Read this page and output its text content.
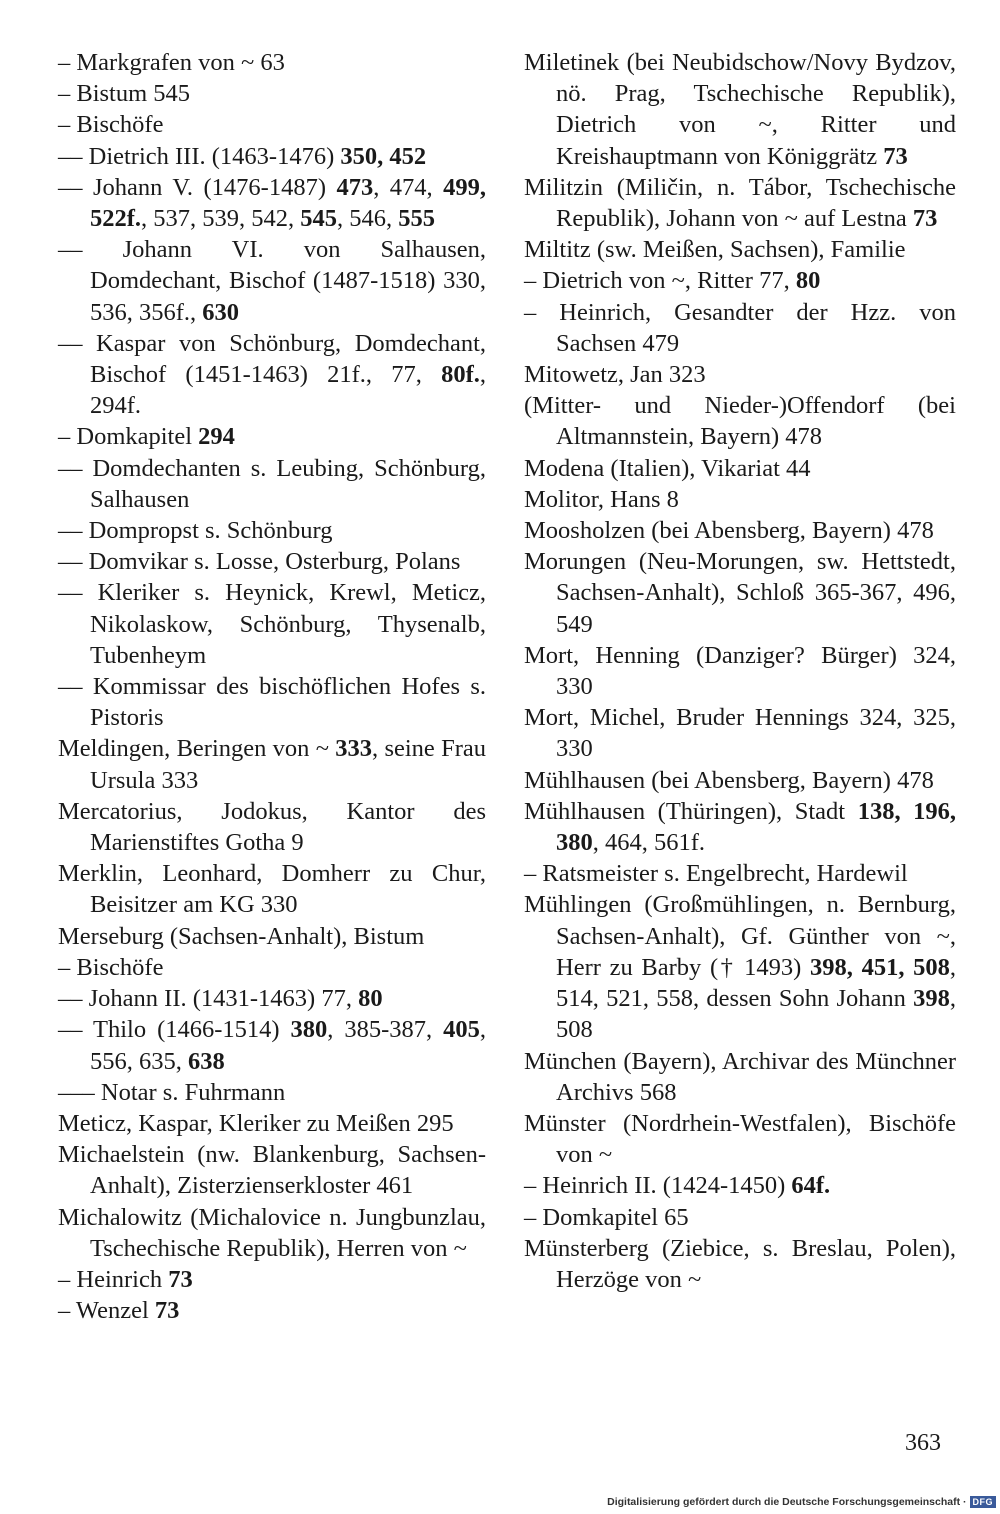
– Markgrafen von ~ 63
– Bistum 545
– Bischöfe
–– Dietrich III. (1463-1476) 350, 452
–– Johann V. (1476-1487) 473, 474, 499, 522f., 537, 539, 542, 545, 546, 555
–– Johann VI. von Salhausen, Domdechant, Bischof (1487-1518) 330, 536, 356f., 630
–– Kaspar von Schönburg, Domdechant, Bischof (1451-1463) 21f., 77, 80f., 294f.
– Domkapitel 294
–– Domdechanten s. Leubing, Schönburg, Salhausen
–– Dompropst s. Schönburg
–– Domvikar s. Losse, Osterburg, Polans
–– Kleriker s. Heynick, Krewl, Meticz, Nikolaskow, Schönburg, Thysenalb, Tubenheym
–– Kommissar des bischöflichen Hofes s. Pistoris
Meldingen, Beringen von ~ 333, seine Frau Ursula 333
Mercatorius, Jodokus, Kantor des Marienstiftes Gotha 9
Merklin, Leonhard, Domherr zu Chur, Beisitzer am KG 330
Merseburg (Sachsen-Anhalt), Bistum
– Bischöfe
–– Johann II. (1431-1463) 77, 80
–– Thilo (1466-1514) 380, 385-387, 405, 556, 635, 638
––– Notar s. Fuhrmann
Meticz, Kaspar, Kleriker zu Meißen 295
Michaelstein (nw. Blankenburg, Sachsen-Anhalt), Zisterzienserkloster 461
Michalowitz (Michalovice n. Jungbunzlau, Tschechische Republik), Herren von ~
– Heinrich 73
– Wenzel 73
Miletinek (bei Neubidschow/Novy Bydzov, nö. Prag, Tschechische Republik), Dietrich von ~, Ritter und Kreishauptmann von Königgrätz 73
Militzin (Miličin, n. Tábor, Tschechische Republik), Johann von ~ auf Lestna 73
Miltitz (sw. Meißen, Sachsen), Familie
– Dietrich von ~, Ritter 77, 80
– Heinrich, Gesandter der Hzz. von Sachsen 479
Mitowetz, Jan 323
(Mitter- und Nieder-)Offendorf (bei Altmannstein, Bayern) 478
Modena (Italien), Vikariat 44
Molitor, Hans 8
Moosholzen (bei Abensberg, Bayern) 478
Morungen (Neu-Morungen, sw. Hettstedt, Sachsen-Anhalt), Schloß 365-367, 496, 549
Mort, Henning (Danziger? Bürger) 324, 330
Mort, Michel, Bruder Hennings 324, 325, 330
Mühlhausen (bei Abensberg, Bayern) 478
Mühlhausen (Thüringen), Stadt 138, 196, 380, 464, 561f.
– Ratsmeister s. Engelbrecht, Hardewil
Mühlingen (Großmühlingen, n. Bernburg, Sachsen-Anhalt), Gf. Günther von ~, Herr zu Barby († 1493) 398, 451, 508, 514, 521, 558, dessen Sohn Johann 398, 508
München (Bayern), Archivar des Münchner Archivs 568
Münster (Nordrhein-Westfalen), Bischöfe von ~
– Heinrich II. (1424-1450) 64f.
– Domkapitel 65
Münsterberg (Ziebice, s. Breslau, Polen), Herzöge von ~
363
Digitalisierung gefördert durch die Deutsche Forschungsgemeinschaft · DFG
